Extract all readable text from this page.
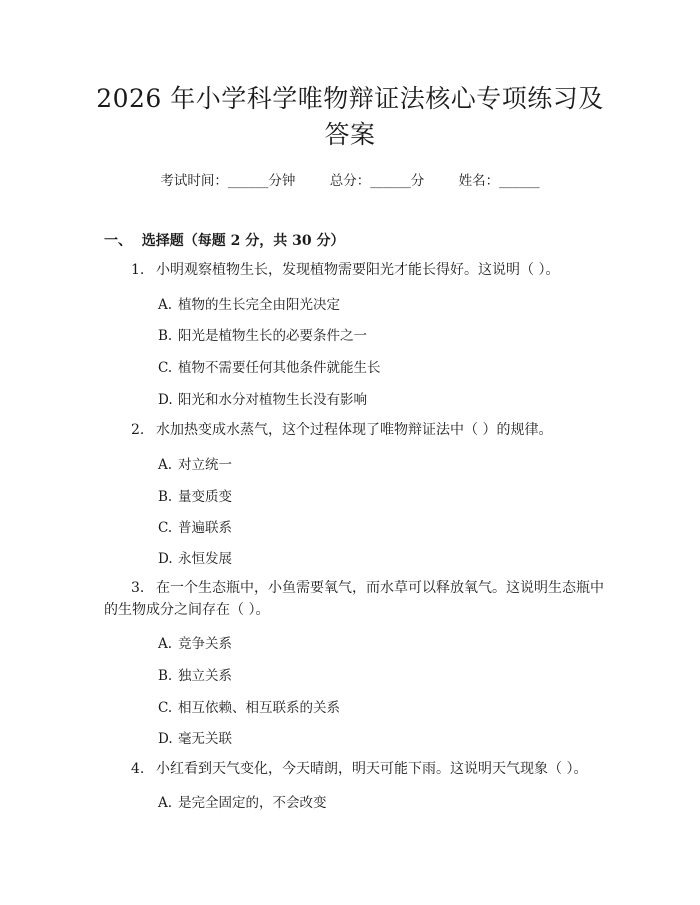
2026 年小学科学唯物辩证法核心专项练习及
答案
考试时间：______分钟	总分：______分	姓名：______
一、  选择题（每题 2 分，共 30 分）
1. 小明观察植物生长，发现植物需要阳光才能长得好。这说明（ ）。
A. 植物的生长完全由阳光决定
B. 阳光是植物生长的必要条件之一
C. 植物不需要任何其他条件就能生长
D. 阳光和水分对植物生长没有影响
2. 水加热变成水蒸气，这个过程体现了唯物辩证法中（ ）的规律。
A. 对立统一
B. 量变质变
C. 普遍联系
D. 永恒发展
3. 在一个生态瓶中，小鱼需要氧气，而水草可以释放氧气。这说明生态瓶中
的生物成分之间存在（ ）。
A. 竞争关系
B. 独立关系
C. 相互依赖、相互联系的关系
D. 毫无关联
4. 小红看到天气变化，今天晴朗，明天可能下雨。这说明天气现象（ ）。
A. 是完全固定的，不会改变
